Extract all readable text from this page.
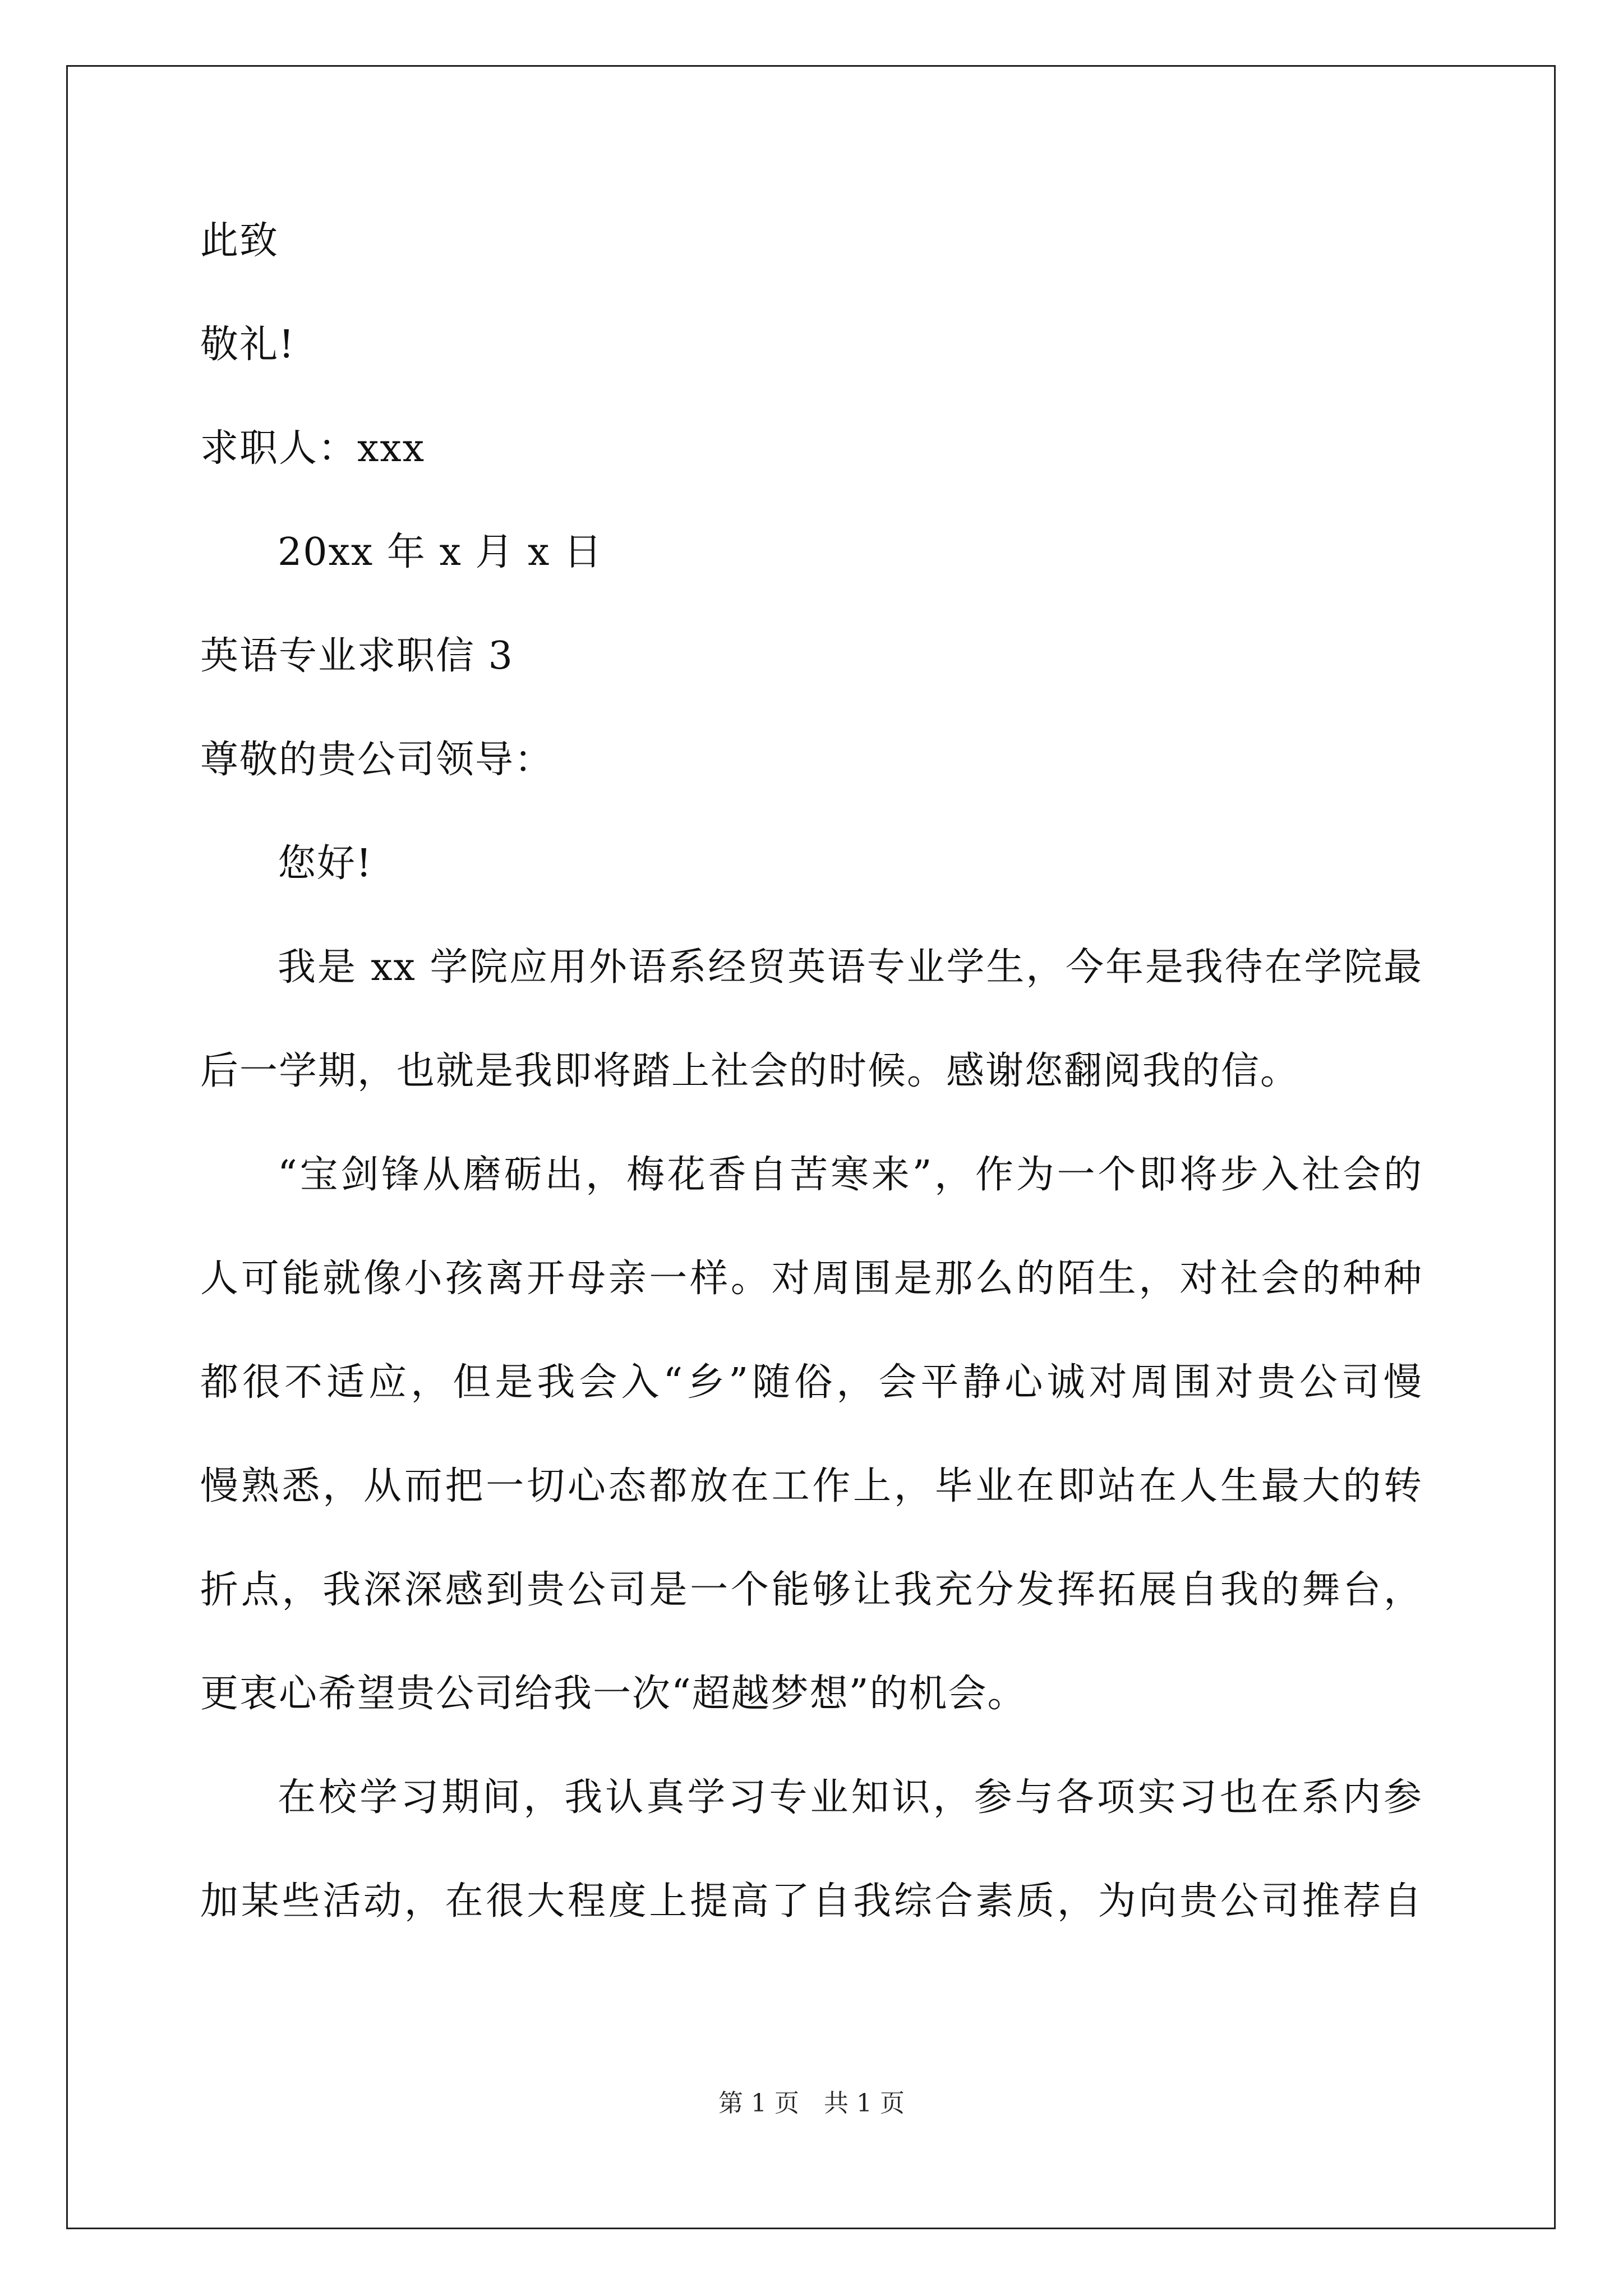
此致
敬礼!
求职人：xxx
20xx 年 x 月 x 日
英语专业求职信 3
尊敬的贵公司领导：
您好!
我是 xx 学院应用外语系经贸英语专业学生，今年是我待在学院最
后一学期，也就是我即将踏上社会的时候。感谢您翻阅我的信。
“宝剑锋从磨砺出，梅花香自苦寒来”，作为一个即将步入社会的
人可能就像小孩离开母亲一样。对周围是那么的陌生，对社会的种种
都很不适应，但是我会入“乡”随俗，会平静心诚对周围对贵公司慢
慢熟悉，从而把一切心态都放在工作上，毕业在即站在人生最大的转
折点，我深深感到贵公司是一个能够让我充分发挥拓展自我的舞台，
更衷心希望贵公司给我一次“超越梦想”的机会。
在校学习期间，我认真学习专业知识，参与各项实习也在系内参
加某些活动，在很大程度上提高了自我综合素质，为向贵公司推荐自
第 1 页　共 1 页
